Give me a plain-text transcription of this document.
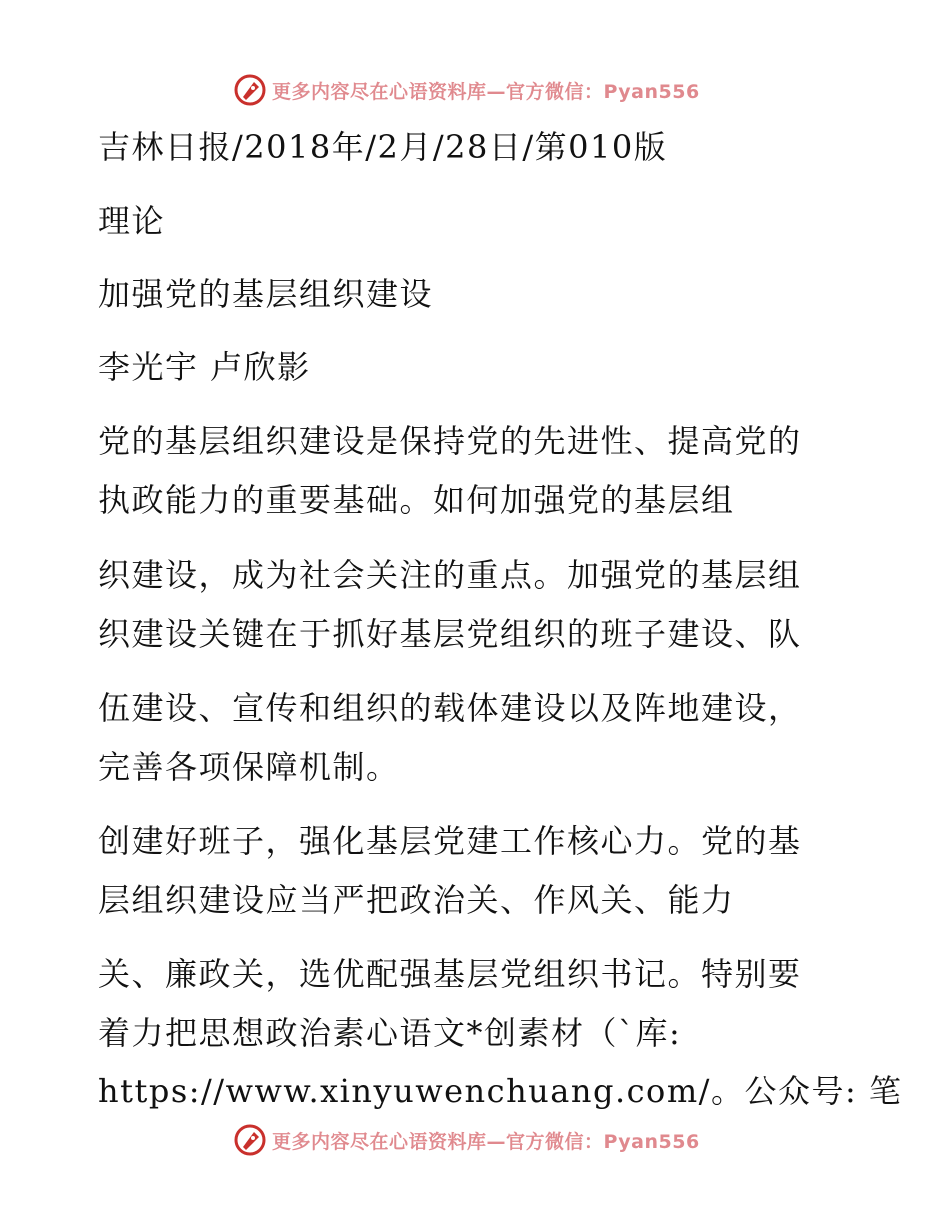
更多内容尽在心语资料库—官方微信：Pyan556
吉林日报/2018年/2月/28日/第010版
理论
加强党的基层组织建设
李光宇 卢欣影
党的基层组织建设是保持党的先进性、提高党的
执政能力的重要基础。如何加强党的基层组
织建设，成为社会关注的重点。加强党的基层组
织建设关键在于抓好基层党组织的班子建设、队
伍建设、宣传和组织的载体建设以及阵地建设，
完善各项保障机制。
创建好班子，强化基层党建工作核心力。党的基
层组织建设应当严把政治关、作风关、能力
关、廉政关，选优配强基层党组织书记。特别要
着力把思想政治素心语文*创素材（`库:
https://www.xinyuwenchuang.com/。公众号: 笔
更多内容尽在心语资料库—官方微信：Pyan556
